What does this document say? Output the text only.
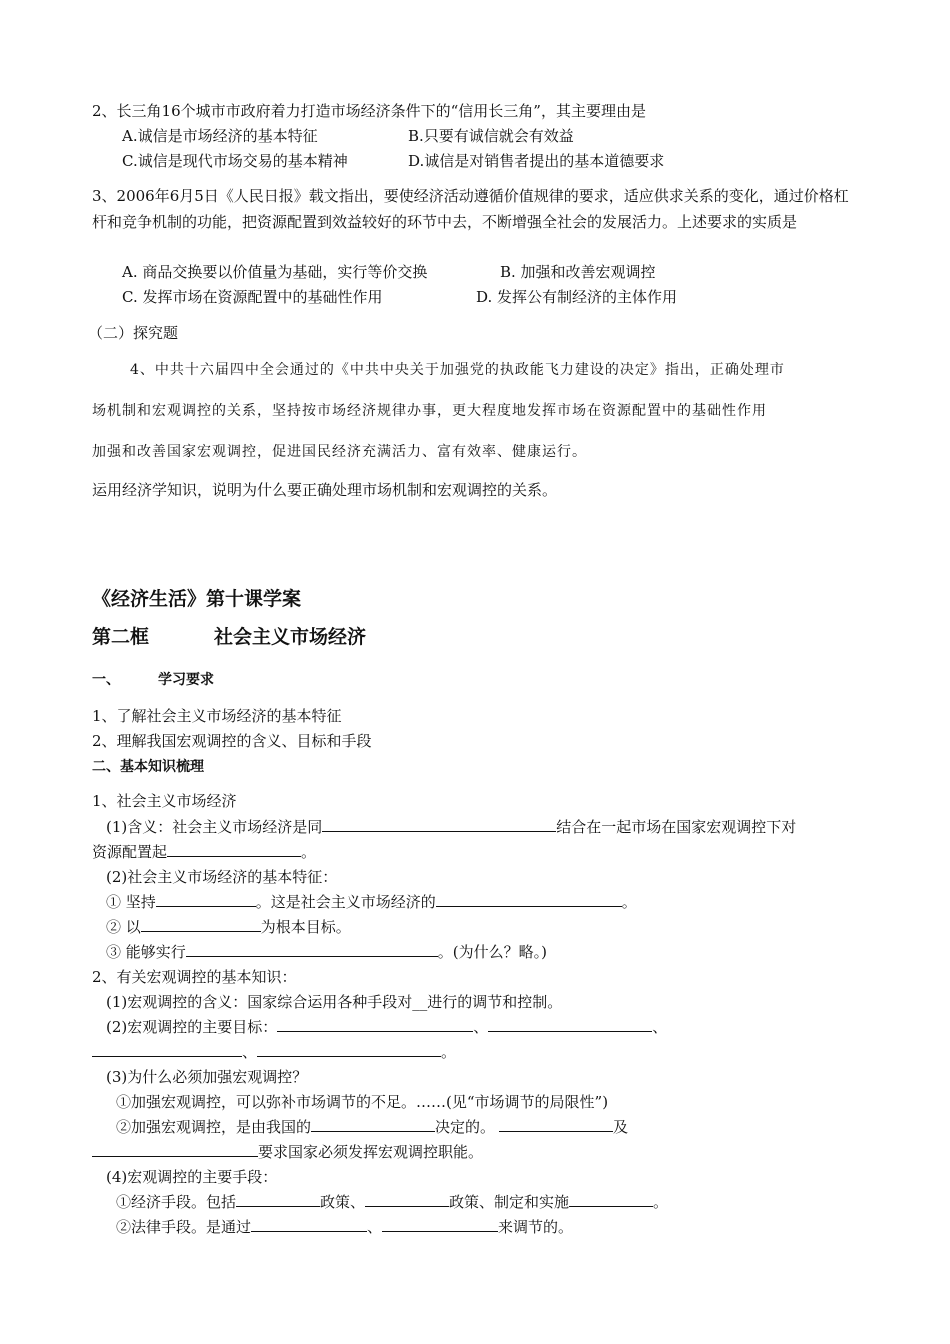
2、长三角16个城市市政府着力打造市场经济条件下的“信用长三角”，其主要理由是
A.诚信是市场经济的基本特征	B.只要有诚信就会有效益
C.诚信是现代市场交易的基本精神	D.诚信是对销售者提出的基本道德要求
3、2006年6月5日《人民日报》载文指出，要使经济活动遵循价值规律的要求，适应供求关系的变化，通过价格杠杆和竞争机制的功能，把资源配置到效益较好的环节中去，不断增强全社会的发展活力。上述要求的实质是
A. 商品交换要以价值量为基础，实行等价交换	B. 加强和改善宏观调控
C. 发挥市场在资源配置中的基础性作用	D. 发挥公有制经济的主体作用
（二）探究题
4、中共十六届四中全会通过的《中共中央关于加强党的执政能飞力建设的决定》指出，正确处理市
场机制和宏观调控的关系，坚持按市场经济规律办事，更大程度地发挥市场在资源配置中的基础性作用
加强和改善国家宏观调控，促进国民经济充满活力、富有效率、健康运行。
运用经济学知识，说明为什么要正确处理市场机制和宏观调控的关系。
《经济生活》第十课学案
第二框	社会主义市场经济
一、	学习要求
1、了解社会主义市场经济的基本特征
2、理解我国宏观调控的含义、目标和手段
二、基本知识梳理
1、社会主义市场经济
(1)含义：社会主义市场经济是同	结合在一起市场在国家宏观调控下对
资源配置起	。
(2)社会主义市场经济的基本特征：
① 坚持	。这是社会主义市场经济的	。
② 以	为根本目标。
③ 能够实行	。(为什么？略。)
2、有关宏观调控的基本知识：
(1)宏观调控的含义：国家综合运用各种手段对__进行的调节和控制。
(2)宏观调控的主要目标：	、	、
、	。
(3)为什么必须加强宏观调控？
①加强宏观调控，可以弥补市场调节的不足。……(见“市场调节的局限性”)
②加强宏观调控，是由我国的	决定的。	及
要求国家必须发挥宏观调控职能。
(4)宏观调控的主要手段：
①经济手段。包括	政策、	政策、制定和实施	。
②法律手段。是通过	、	来调节的。
